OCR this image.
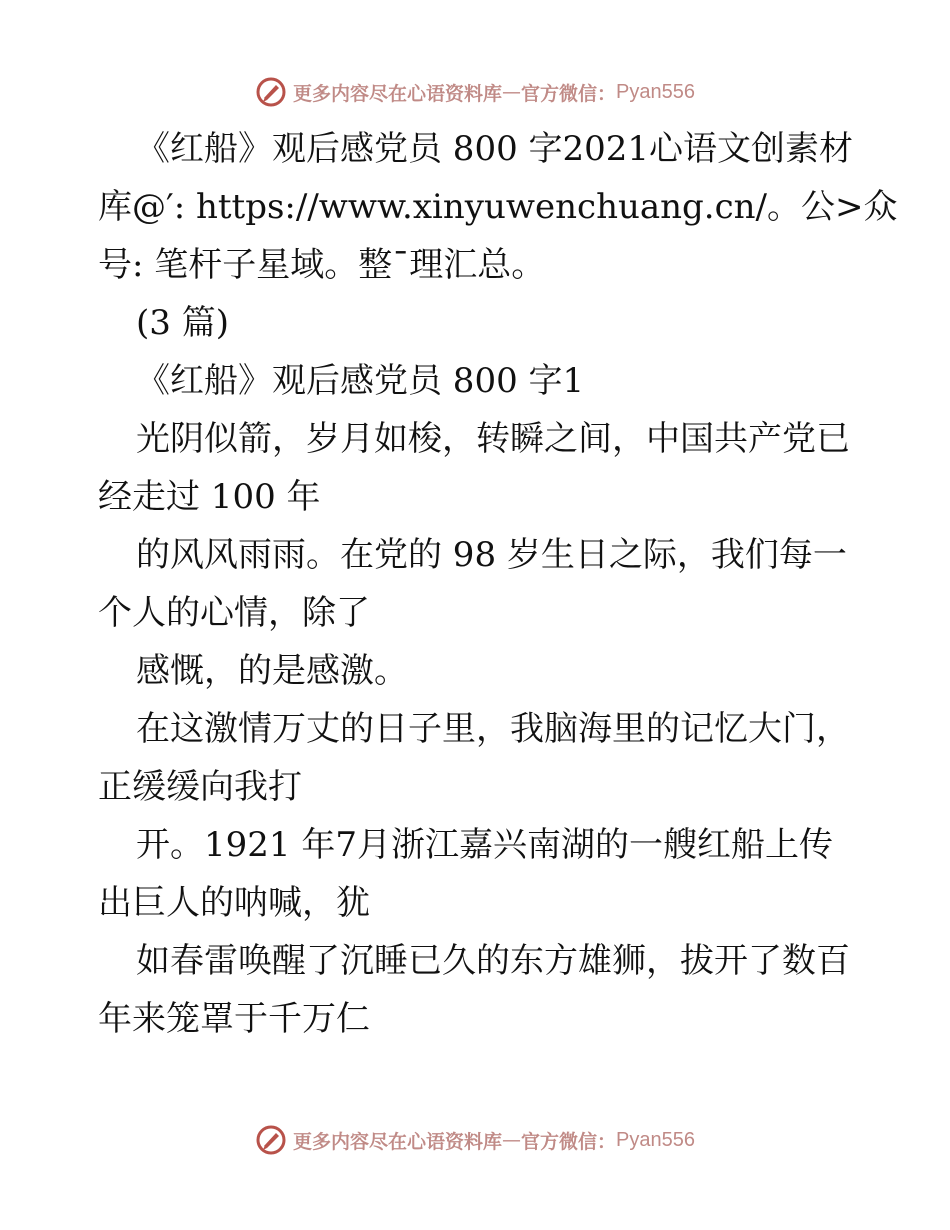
更多内容尽在心语资料库 — 官方微信： Pyan556
《红船》观后感党员 800 字2021心语文创素材
库@′: https://www.xinyuwenchuang.cn/。公>众
号: 笔杆子星域。整¯理汇总。
(3 篇)
《红船》观后感党员 800 字1
光阴似箭，岁月如梭，转瞬之间，中国共产党已
经走过 100 年
的风风雨雨。在党的 98 岁生日之际，我们每一
个人的心情，除了
感慨，的是感激。
在这激情万丈的日子里，我脑海里的记忆大门，
正缓缓向我打
开。1921 年7月浙江嘉兴南湖的一艘红船上传
出巨人的呐喊，犹
如春雷唤醒了沉睡已久的东方雄狮，拔开了数百
年来笼罩于千万仁
更多内容尽在心语资料库 — 官方微信： Pyan556
